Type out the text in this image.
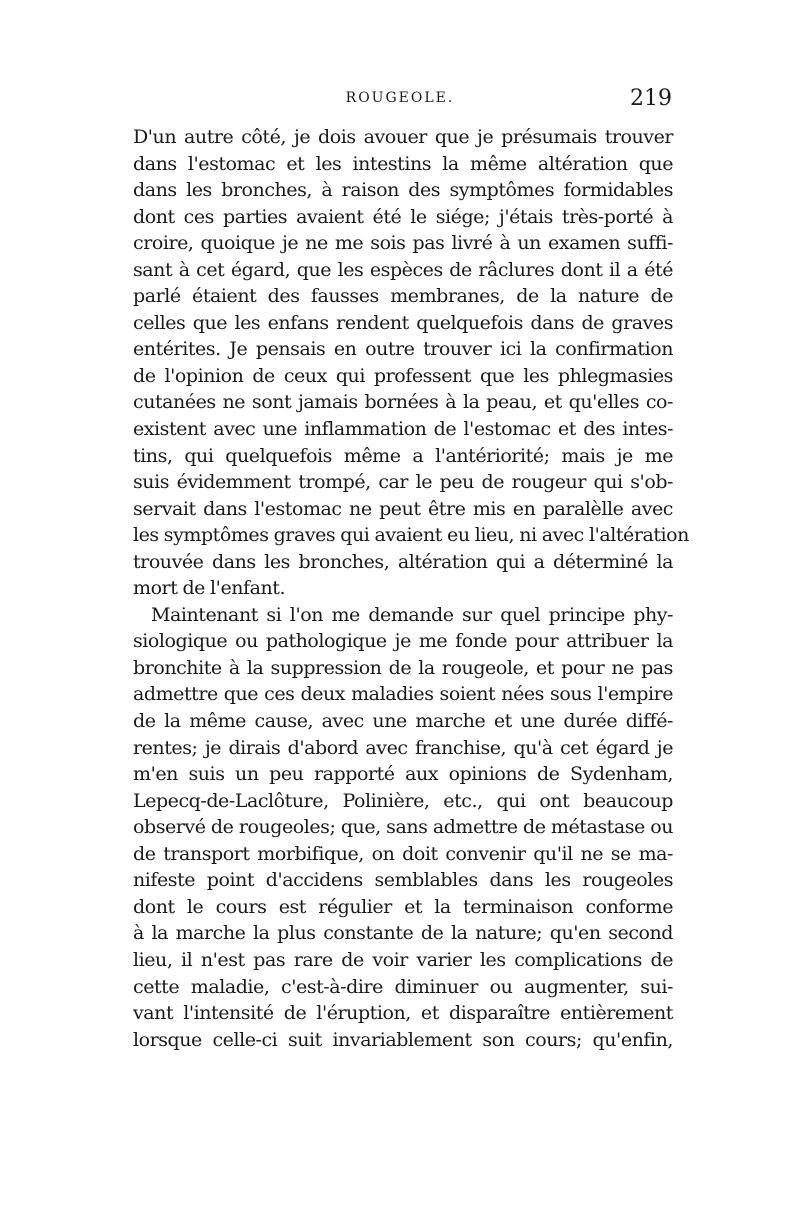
ROUGEOLE.	219
D'un autre côté, je dois avouer que je présumais trouver
dans l'estomac et les intestins la même altération que
dans les bronches, à raison des symptômes formidables
dont ces parties avaient été le siége; j'étais très-porté à
croire, quoique je ne me sois pas livré à un examen suffi-
sant à cet égard, que les espèces de râclures dont il a été
parlé étaient des fausses membranes, de la nature de
celles que les enfans rendent quelquefois dans de graves
entérites. Je pensais en outre trouver ici la confirmation
de l'opinion de ceux qui professent que les phlegmasies
cutanées ne sont jamais bornées à la peau, et qu'elles co-
existent avec une inflammation de l'estomac et des intes-
tins, qui quelquefois même a l'antériorité; mais je me
suis évidemment trompé, car le peu de rougeur qui s'ob-
servait dans l'estomac ne peut être mis en paralèlle avec
les symptômes graves qui avaient eu lieu, ni avec l'altération
trouvée dans les bronches, altération qui a déterminé la
mort de l'enfant.
Maintenant si l'on me demande sur quel principe phy-
siologique ou pathologique je me fonde pour attribuer la
bronchite à la suppression de la rougeole, et pour ne pas
admettre que ces deux maladies soient nées sous l'empire
de la même cause, avec une marche et une durée diffé-
rentes; je dirais d'abord avec franchise, qu'à cet égard je
m'en suis un peu rapporté aux opinions de Sydenham,
Lepecq-de-Laclôture, Polinière, etc., qui ont beaucoup
observé de rougeoles; que, sans admettre de métastase ou
de transport morbifique, on doit convenir qu'il ne se ma-
nifeste point d'accidens semblables dans les rougeoles
dont le cours est régulier et la terminaison conforme
à la marche la plus constante de la nature; qu'en second
lieu, il n'est pas rare de voir varier les complications de
cette maladie, c'est-à-dire diminuer ou augmenter, sui-
vant l'intensité de l'éruption, et disparaître entièrement
lorsque celle-ci suit invariablement son cours; qu'enfin,
